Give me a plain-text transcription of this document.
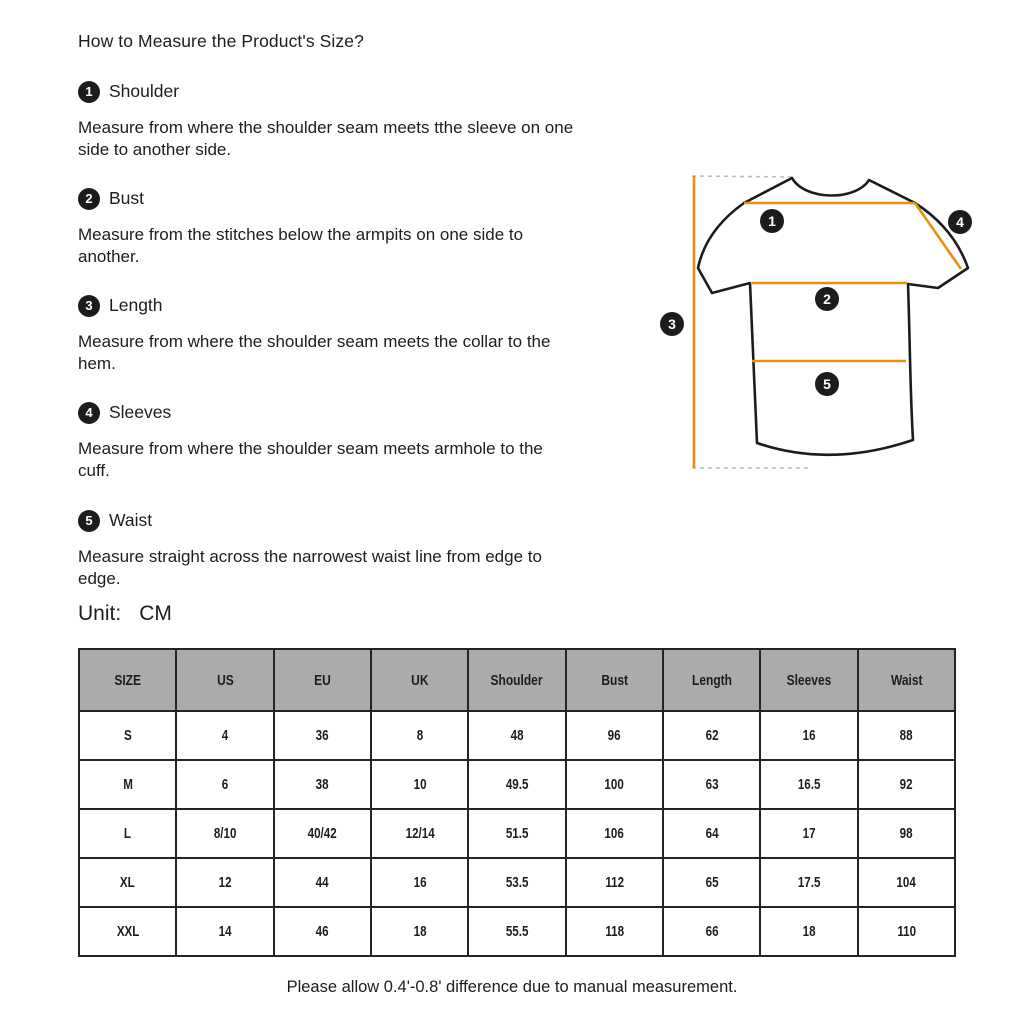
How to Measure the Product's Size?
1 Shoulder
Measure from where the shoulder seam meets tthe sleeve on one
side to another side.
2 Bust
Measure from the stitches below the armpits on one side to
another.
3 Length
Measure from where the shoulder seam meets the collar to the
hem.
4 Sleeves
Measure from where the shoulder seam meets armhole to the
cuff.
5 Waist
Measure straight across the narrowest waist line from edge to
edge.
Unit: CM
1
2
3
4
5
SIZE	US	EU	UK	Shoulder	Bust	Length	Sleeves	Waist
S	4	36	8	48	96	62	16	88
M	6	38	10	49.5	100	63	16.5	92
L	8/10	40/42	12/14	51.5	106	64	17	98
XL	12	44	16	53.5	112	65	17.5	104
XXL	14	46	18	55.5	118	66	18	110
Please allow 0.4'-0.8' difference due to manual measurement.
